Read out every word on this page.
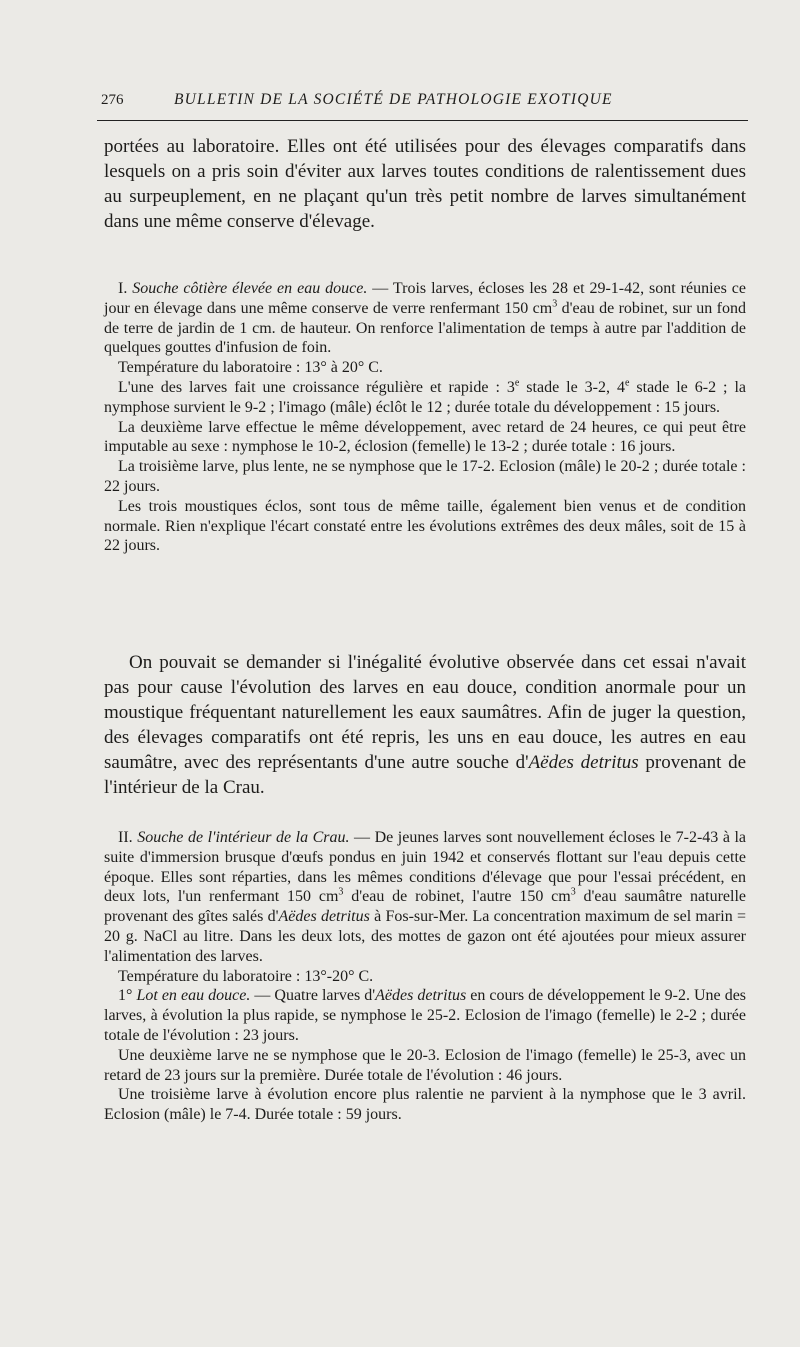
276	BULLETIN DE LA SOCIÉTÉ DE PATHOLOGIE EXOTIQUE

portées au laboratoire. Elles ont été utilisées pour des élevages comparatifs dans lesquels on a pris soin d'éviter aux larves toutes conditions de ralentissement dues au surpeuplement, en ne plaçant qu'un très petit nombre de larves simultanément dans une même conserve d'élevage.

I. Souche côtière élevée en eau douce. — Trois larves, écloses les 28 et 29-1-42, sont réunies ce jour en élevage dans une même conserve de verre renfermant 150 $cm^3$ d'eau de robinet, sur un fond de terre de jardin de 1 cm. de hauteur. On renforce l'alimentation de temps à autre par l'addition de quelques gouttes d'infusion de foin.

Température du laboratoire : 13° à 20° C.

L'une des larves fait une croissance régulière et rapide : 3e stade le 3-2, 4e stade le 6-2 ; la nymphose survient le 9-2 ; l'imago (mâle) éclôt le 12 ; durée totale du développement : 15 jours.

La deuxième larve effectue le même développement, avec retard de 24 heures, ce qui peut être imputable au sexe : nymphose le 10-2, éclosion (femelle) le 13-2 ; durée totale : 16 jours.

La troisième larve, plus lente, ne se nymphose que le 17-2. Eclosion (mâle) le 20-2 ; durée totale : 22 jours.

Les trois moustiques éclos, sont tous de même taille, également bien venus et de condition normale. Rien n'explique l'écart constaté entre les évolutions extrêmes des deux mâles, soit de 15 à 22 jours.

On pouvait se demander si l'inégalité évolutive observée dans cet essai n'avait pas pour cause l'évolution des larves en eau douce, condition anormale pour un moustique fréquentant naturellement les eaux saumâtres. Afin de juger la question, des élevages comparatifs ont été repris, les uns en eau douce, les autres en eau saumâtre, avec des représentants d'une autre souche d'Aëdes detritus provenant de l'intérieur de la Crau.

II. Souche de l'intérieur de la Crau. — De jeunes larves sont nouvellement écloses le 7-2-43 à la suite d'immersion brusque d'œufs pondus en juin 1942 et conservés flottant sur l'eau depuis cette époque. Elles sont réparties, dans les mêmes conditions d'élevage que pour l'essai précédent, en deux lots, l'un renfermant 150 $cm^3$ d'eau de robinet, l'autre 150 $cm^3$ d'eau saumâtre naturelle provenant des gîtes salés d'Aëdes detritus à Fos-sur-Mer. La concentration maximum de sel marin = 20 g. NaCl au litre. Dans les deux lots, des mottes de gazon ont été ajoutées pour mieux assurer l'alimentation des larves.

Température du laboratoire : 13°-20° C.

1° Lot en eau douce. — Quatre larves d'Aëdes detritus en cours de développement le 9-2. Une des larves, à évolution la plus rapide, se nymphose le 25-2. Eclosion de l'imago (femelle) le 2-2 ; durée totale de l'évolution : 23 jours.

Une deuxième larve ne se nymphose que le 20-3. Eclosion de l'imago (femelle) le 25-3, avec un retard de 23 jours sur la première. Durée totale de l'évolution : 46 jours.

Une troisième larve à évolution encore plus ralentie ne parvient à la nymphose que le 3 avril. Eclosion (mâle) le 7-4. Durée totale : 59 jours.
